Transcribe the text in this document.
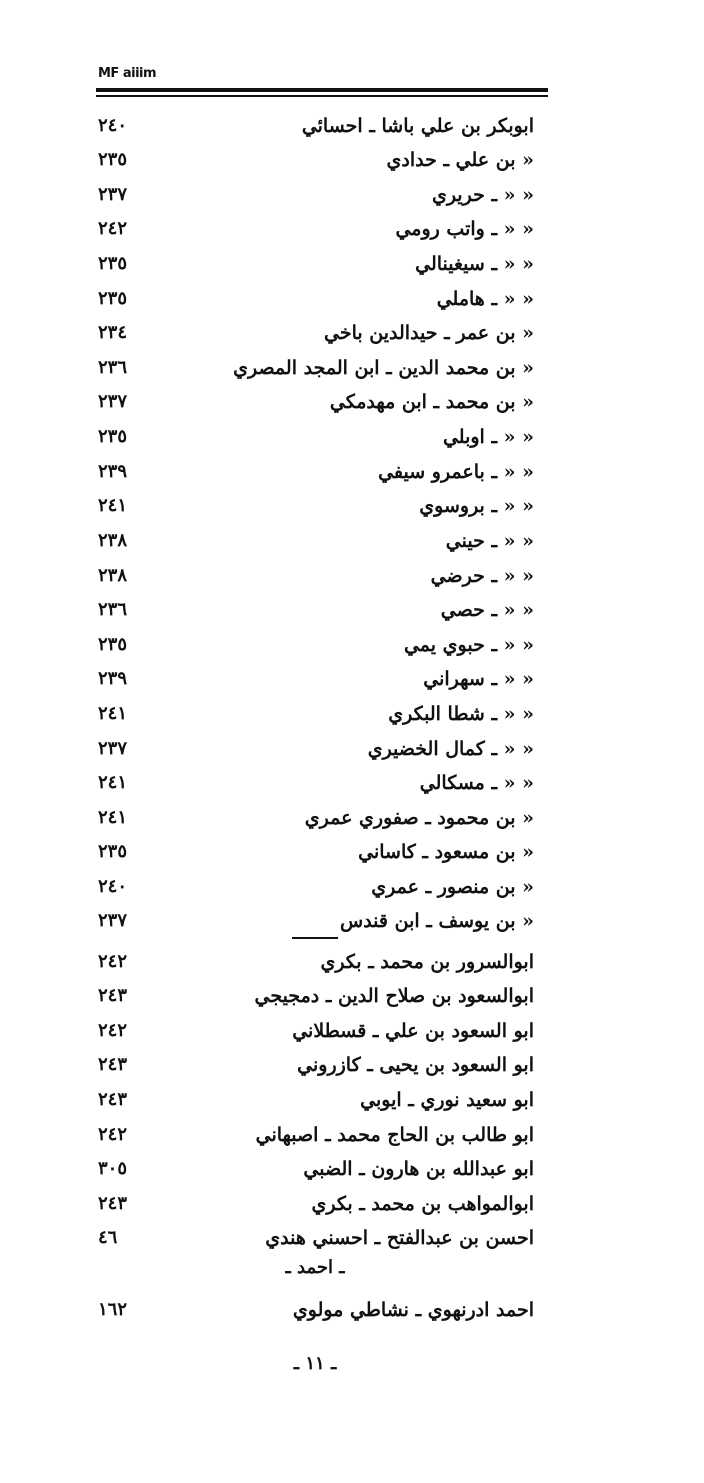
MF aiiim
ابوبكر بن علي باشا ـ احسائي
٢٤٠
« بن علي ـ حدادي
٢٣٥
« « ـ حريري
٢٣٧
« « ـ واتب رومي
٢٤٢
« « ـ سيغينالي
٢٣٥
« « ـ هاملي
٢٣٥
« بن عمر ـ حيدالدين باخي
٢٣٤
« بن محمد الدين ـ ابن المجد المصري
٢٣٦
« بن محمد ـ ابن مهدمكي
٢٣٧
« « ـ اوبلي
٢٣٥
« « ـ باعمرو سيفي
٢٣٩
« « ـ بروسوي
٢٤١
« « ـ حيني
٢٣٨
« « ـ حرضي
٢٣٨
« « ـ حصي
٢٣٦
« « ـ حبوي يمي
٢٣٥
« « ـ سهراني
٢٣٩
« « ـ شطا البكري
٢٤١
« « ـ كمال الخضيري
٢٣٧
« « ـ مسكالي
٢٤١
« بن محمود ـ صفوري عمري
٢٤١
« بن مسعود ـ كاساني
٢٣٥
« بن منصور ـ عمري
٢٤٠
« بن يوسف ـ ابن قندس
٢٣٧
ابوالسرور بن محمد ـ بكري
٢٤٢
ابوالسعود بن صلاح الدين ـ دمجيجي
٢٤٣
ابو السعود بن علي ـ قسطلاني
٢٤٢
ابو السعود بن يحيى ـ كازروني
٢٤٣
ابو سعيد نوري ـ ايوبي
٢٤٣
ابو طالب بن الحاج محمد ـ اصبهاني
٢٤٢
ابو عبدالله بن هارون ـ الضبي
٣٠٥
ابوالمواهب بن محمد ـ بكري
٢٤٣
احسن بن عبدالفتح ـ احسني هندي
٤٦
احمد ادرنهوي ـ نشاطي مولوي
١٦٢
ـ احمد ـ
ـ ١١ ـ
